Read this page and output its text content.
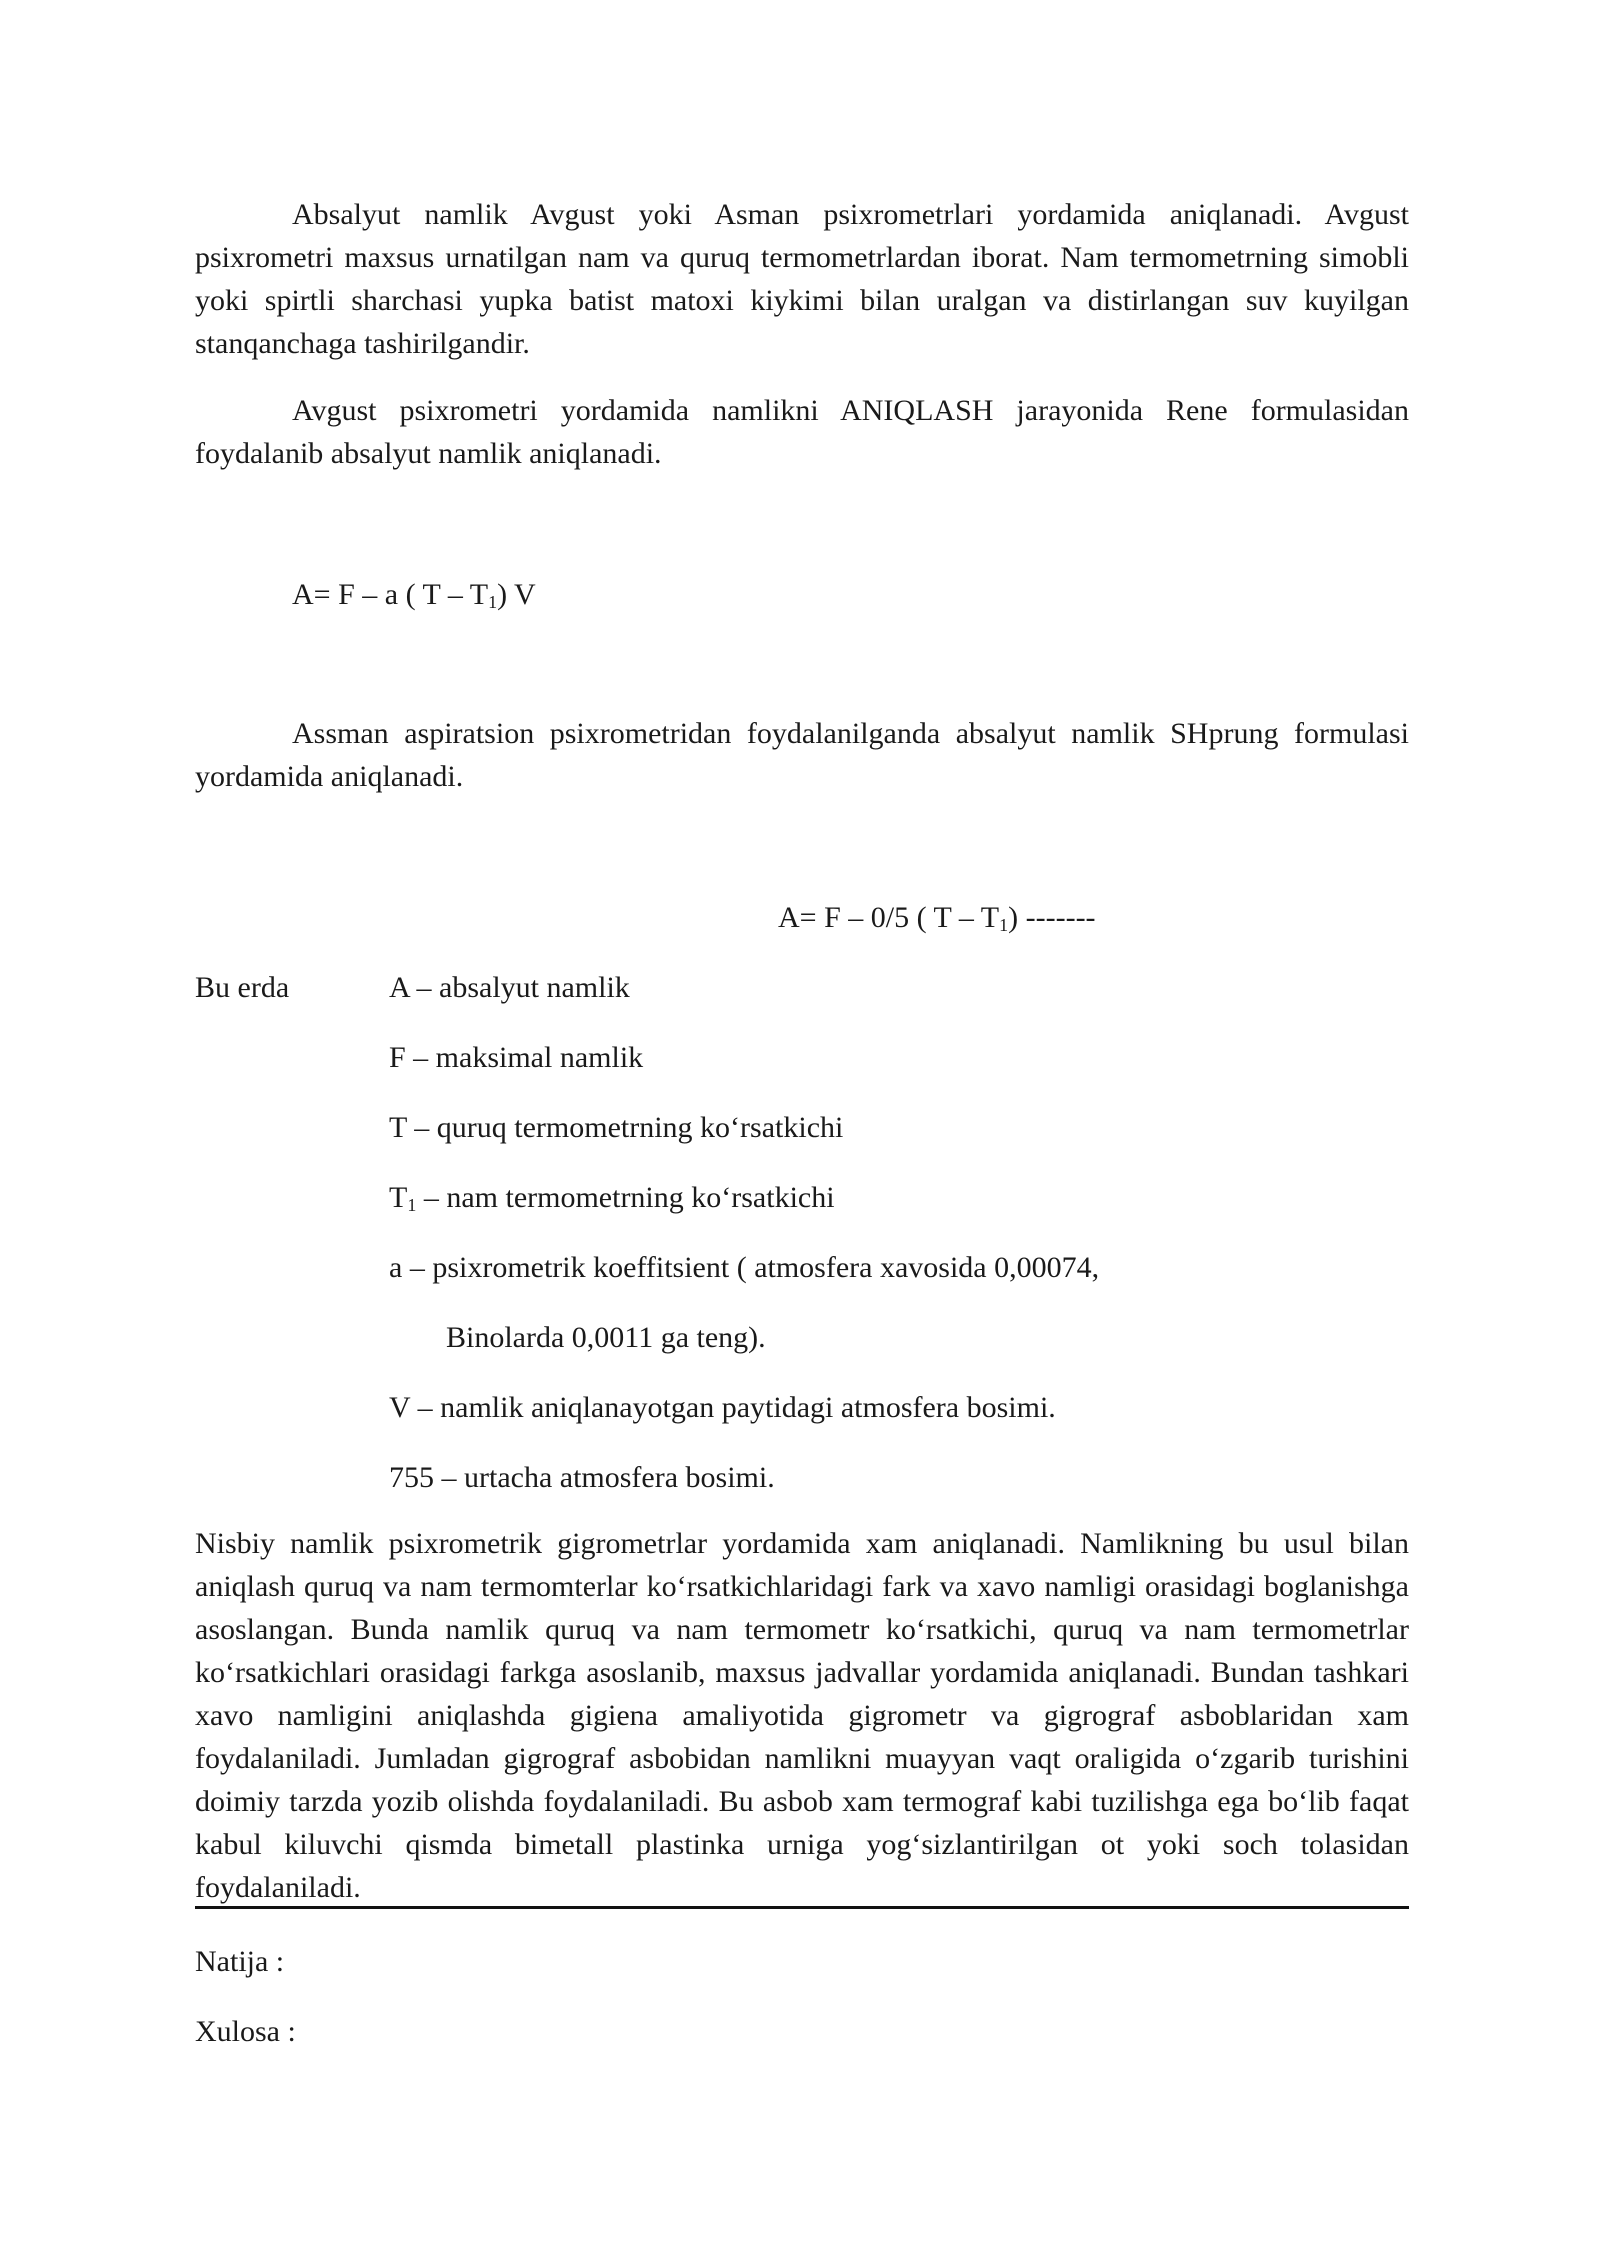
Absalyut namlik Avgust yoki Asman psixrometrlari yordamida aniqlanadi. Avgust psixrometri maxsus urnatilgan nam va quruq termometrlardan iborat. Nam termometrning simobli yoki spirtli sharchasi yupka batist matoxi kiykimi bilan uralgan va distirlangan suv kuyilgan stanqanchaga tashirilgandir.

Avgust psixrometri yordamida namlikni ANIQLASH jarayonida Rene formulasidan foydalanib absalyut namlik aniqlanadi.

A= F – a ( T – $T_1$) V

Assman aspiratsion psixrometridan foydalanilganda absalyut namlik SHprung formulasi yordamida aniqlanadi.

A= F – 0/5 ( T – $T_1$) -------
Bu erda	A – absalyut namlik
F – maksimal namlik
T – quruq termometrning ko‘rsatkichi
$T_1$ – nam termometrning ko‘rsatkichi
a – psixrometrik koeffitsient ( atmosfera xavosida 0,00074,
Binolarda 0,0011 ga teng).
V – namlik aniqlanayotgan paytidagi atmosfera bosimi.
755 – urtacha atmosfera bosimi.

Nisbiy namlik psixrometrik gigrometrlar yordamida xam aniqlanadi. Namlikning bu usul bilan aniqlash quruq va nam termomterlar ko‘rsatkichlaridagi fark va xavo namligi orasidagi boglanishga asoslangan. Bunda namlik quruq va nam termometr ko‘rsatkichi, quruq va nam termometrlar ko‘rsatkichlari orasidagi farkga asoslanib, maxsus jadvallar yordamida aniqlanadi. Bundan tashkari xavo namligini aniqlashda gigiena amaliyotida gigrometr va gigrograf asboblaridan xam foydalaniladi. Jumladan gigrograf asbobidan namlikni muayyan vaqt oraligida o‘zgarib turishini doimiy tarzda yozib olishda foydalaniladi. Bu asbob xam termograf kabi tuzilishga ega bo‘lib faqat kabul kiluvchi qismda bimetall plastinka urniga yog‘sizlantirilgan ot yoki soch tolasidan foydalaniladi.

Natija :
Xulosa :
